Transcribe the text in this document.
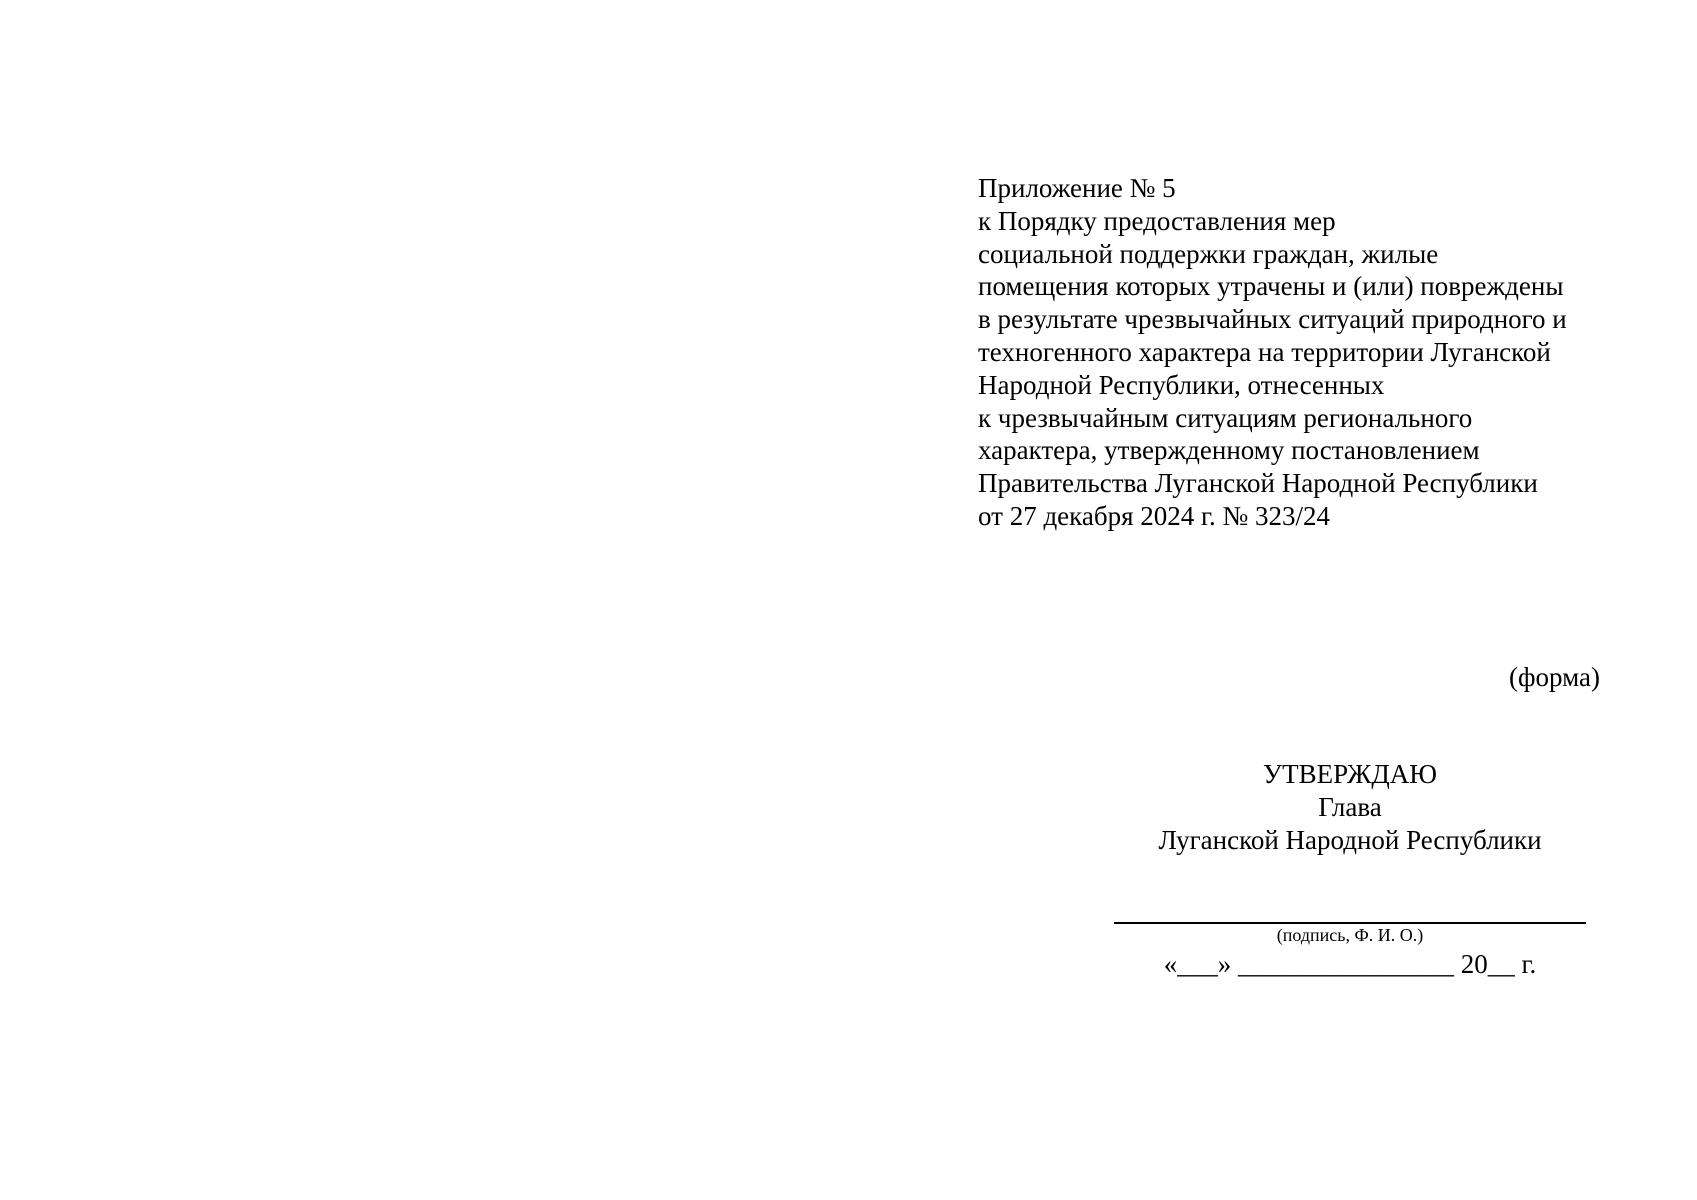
Приложение № 5
к Порядку предоставления мер
социальной поддержки граждан, жилые
помещения которых утрачены и (или) повреждены
в результате чрезвычайных ситуаций природного и
техногенного характера на территории Луганской
Народной Республики, отнесенных
к чрезвычайным ситуациям регионального
характера, утвержденному постановлением
Правительства Луганской Народной Республики
от 27 декабря 2024 г. № 323/24
(форма)
УТВЕРЖДАЮ
Глава
Луганской Народной Республики
(подпись, Ф. И. О.)
«___» ________________ 20__ г.
